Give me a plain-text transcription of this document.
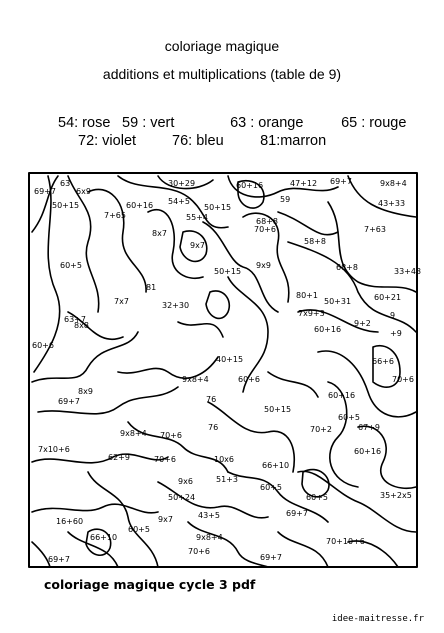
coloriage magique
additions et multiplications (table de 9)
54: rose 59 : vert	63 : orange	65 : rouge
72: violet 76: bleu	81:marron
69+7
63
6x9
30+29	60+16	47+12 69+7	9x8+4
43+33
50+15	60+16 54+5
50+15
55+4
59
7+63
68+8
33+43
7+65
8x7
9x7
50+15
58+8
68+8
60+21
9x9
60+5
81
32+30
70+6
80+1
50+31
9+2
9
+9
7x7
7x9+3
8x8
60+6
60+16
70+6
66+6
63+7
8x9
40+15
9x8+4
76
60+6
60+16
50+15
70+2
60+5
7x10+6
9x8+4 70+6
76
62+9	70+6	10x6
9x6
66+10
60+5
69+7
67+9
60+16
35+2x5
69+7
66+10
16+60
60+5
50+24
43+5
51+3
70+6
9x8+4	70+10+6
9x7
60+5
69+7	69+7
coloriage magique cycle 3 pdf
idee-maitresse.fr
